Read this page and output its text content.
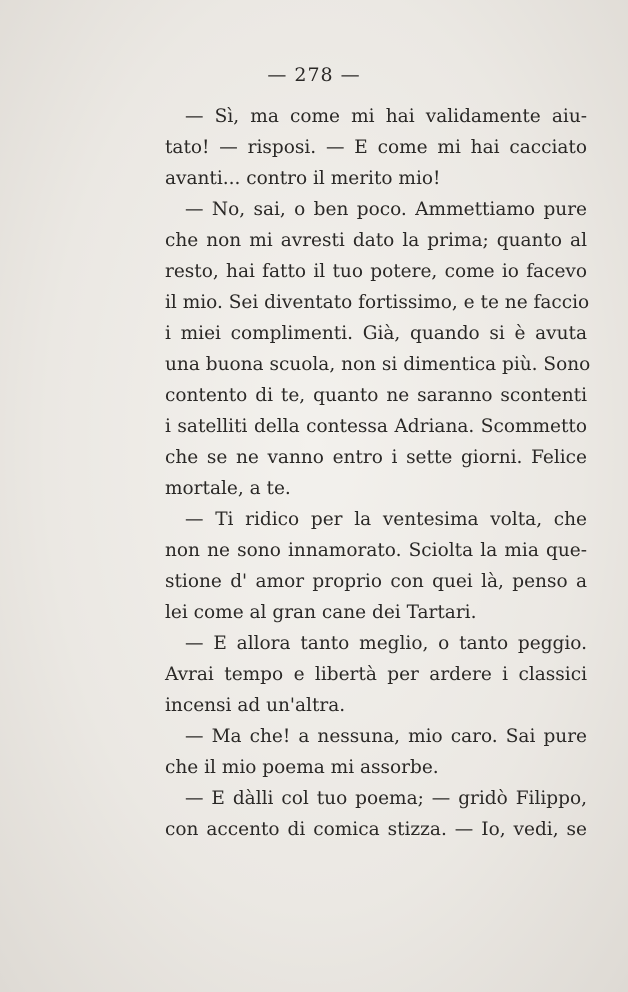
— 278 —
— Sì, ma come mi hai validamente aiu-
tato! — risposi. — E come mi hai cacciato
avanti... contro il merito mio!
— No, sai, o ben poco. Ammettiamo pure
che non mi avresti dato la prima; quanto al
resto, hai fatto il tuo potere, come io facevo
il mio. Sei diventato fortissimo, e te ne faccio
i miei complimenti. Già, quando si è avuta
una buona scuola, non si dimentica più. Sono
contento di te, quanto ne saranno scontenti
i satelliti della contessa Adriana. Scommetto
che se ne vanno entro i sette giorni. Felice
mortale, a te.
— Ti ridico per la ventesima volta, che
non ne sono innamorato. Sciolta la mia que-
stione d' amor proprio con quei là, penso a
lei come al gran cane dei Tartari.
— E allora tanto meglio, o tanto peggio.
Avrai tempo e libertà per ardere i classici
incensi ad un'altra.
— Ma che! a nessuna, mio caro. Sai pure
che il mio poema mi assorbe.
— E dàlli col tuo poema; — gridò Filippo,
con accento di comica stizza. — Io, vedi, se
